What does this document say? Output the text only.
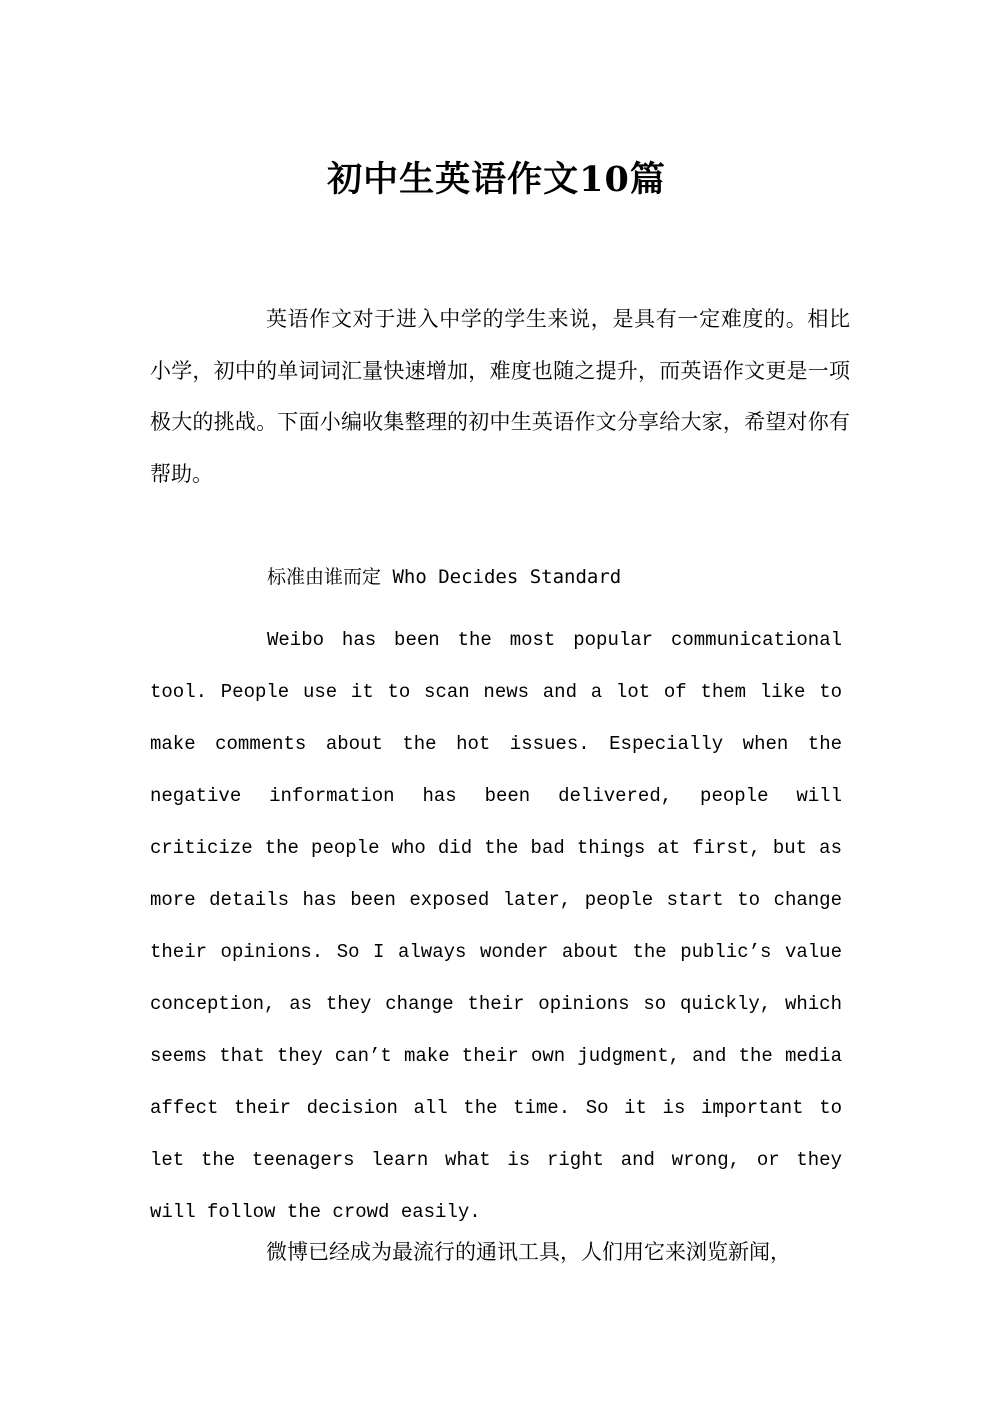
初中生英语作文10篇
英语作文对于进入中学的学生来说，是具有一定难度的。相比小学，初中的单词词汇量快速增加，难度也随之提升，而英语作文更是一项极大的挑战。下面小编收集整理的初中生英语作文分享给大家，希望对你有帮助。
标准由谁而定 Who Decides Standard
Weibo has been the most popular communicational tool. People use it to scan news and a lot of them like to make comments about the hot issues. Especially when the negative information has been delivered, people will criticize the people who did the bad things at first, but as more details has been exposed later, people start to change their opinions. So I always wonder about the public’s value conception, as they change their opinions so quickly, which seems that they can’t make their own judgment, and the media affect their decision all the time. So it is important to let the teenagers learn what is right and wrong, or they will follow the crowd easily.
微博已经成为最流行的通讯工具，人们用它来浏览新闻，
